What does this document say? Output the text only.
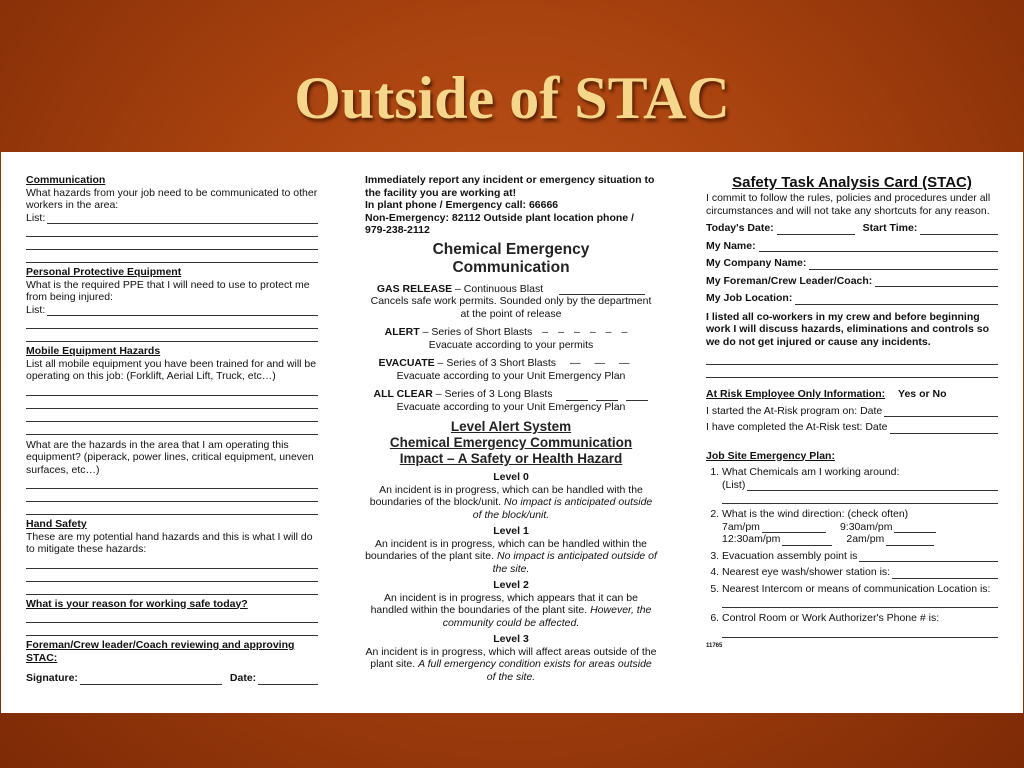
Outside of STAC
Communication
What hazards from your job need to be communicated to other workers in the area:
List:
Personal Protective Equipment
What is the required PPE that I will need to use to protect me from being injured:
List:
Mobile Equipment Hazards
List all mobile equipment you have been trained for and will be operating on this job: (Forklift, Aerial Lift, Truck, etc…)
What are the hazards in the area that I am operating this equipment? (piperack, power lines, critical equipment, uneven surfaces, etc…)
Hand Safety
These are my potential hand hazards and this is what I will do to mitigate these hazards:
What is your reason for working safe today?
Foreman/Crew leader/Coach reviewing and approving STAC:
Signature:	Date:
Immediately report any incident or emergency situation to the facility you are working at!
In plant phone / Emergency call: 66666
Non-Emergency: 82112 Outside plant location phone / 979-238-2112
Chemical Emergency
Communication
GAS RELEASE – Continuous Blast
Cancels safe work permits. Sounded only by the department at the point of release
ALERT – Series of Short Blasts ––––––
Evacuate according to your permits
EVACUATE – Series of 3 Short Blasts ———
Evacuate according to your Unit Emergency Plan
ALL CLEAR – Series of 3 Long Blasts
Evacuate according to your Unit Emergency Plan
Level Alert System
Chemical Emergency Communication
Impact – A Safety or Health Hazard
Level 0
An incident is in progress, which can be handled with the boundaries of the block/unit. No impact is anticipated outside of the block/unit.
Level 1
An incident is in progress, which can be handled within the boundaries of the plant site. No impact is anticipated outside of the site.
Level 2
An incident is in progress, which appears that it can be handled within the boundaries of the plant site. However, the community could be affected.
Level 3
An incident is in progress, which will affect areas outside of the plant site. A full emergency condition exists for areas outside of the site.
Safety Task Analysis Card (STAC)
I commit to follow the rules, policies and procedures under all circumstances and will not take any shortcuts for any reason.
Today's Date:	Start Time:
My Name:
My Company Name:
My Foreman/Crew Leader/Coach:
My Job Location:
I listed all co-workers in my crew and before beginning work I will discuss hazards, eliminations and controls so we do not get injured or cause any incidents.
At Risk Employee Only Information: Yes or No
I started the At-Risk program on: Date
I have completed the At-Risk test: Date
Job Site Emergency Plan:
1. What Chemicals am I working around:
(List)
2. What is the wind direction: (check often)
7am/pm	9:30am/pm
12:30am/pm	2am/pm
3. Evacuation assembly point is
4. Nearest eye wash/shower station is:
5. Nearest Intercom or means of communication Location is:
6. Control Room or Work Authorizer's Phone # is:
11765
